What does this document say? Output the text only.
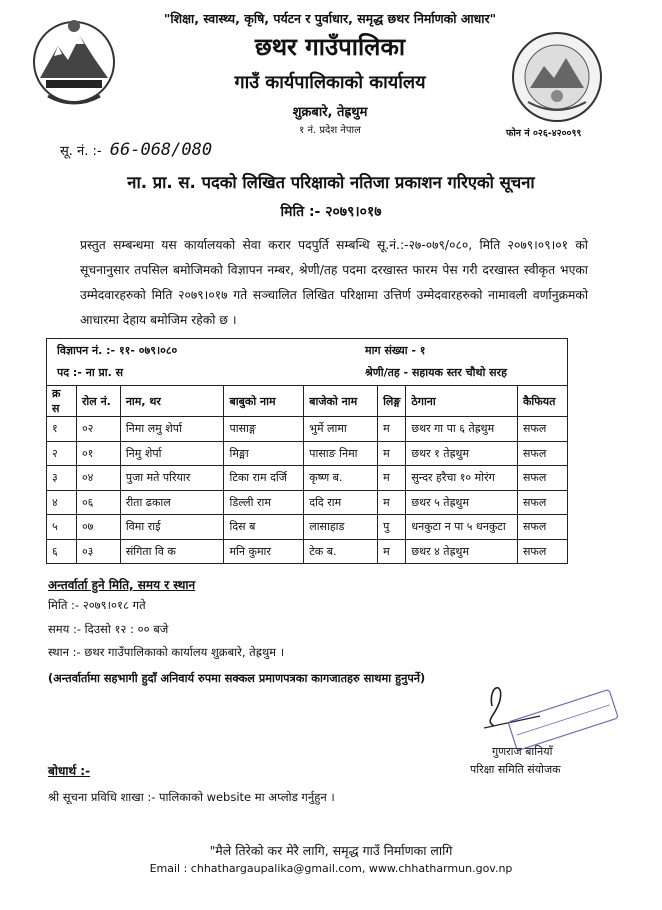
"शिक्षा, स्वास्थ्य, कृषि, पर्यटन र पुर्वाधार, समृद्ध छथर निर्माणको आधार"
छथर गाउँपालिका
गाउँ कार्यपालिकाको कार्यालय
शुक्रबारे, तेह्रथुम
१ नं. प्रदेश नेपाल	फोन नं ०२६-४२००९९
सू. नं. :- 66-068/080
ना. प्रा. स. पदको लिखित परिक्षाको नतिजा प्रकाशन गरिएको सूचना
मिति :- २०७९।०१७
प्रस्तुत सम्बन्धमा यस कार्यालयको सेवा करार पदपुर्ति सम्बन्धि सू.नं.:-२७-०७९/०८०, मिति २०७९।०९।०१ को सूचनानुसार तपसिल बमोजिमको विज्ञापन नम्बर, श्रेणी/तह पदमा दरखास्त फारम पेस गरी दरखास्त स्वीकृत भएका उम्मेदवारहरुको मिति २०७९।०१७ गते सञ्चालित लिखित परिक्षामा उत्तिर्ण उम्मेदवारहरुको नामावली वर्णानुक्रमको आधारमा देहाय बमोजिम रहेको छ ।
विज्ञापन नं. :- ११- ०७९।०८०	माग संख्या - १
पद :- ना प्रा. स	श्रेणी/तह - सहायक स्तर चौथो सरह
क्र स	रोल नं.	नाम, थर	बाबुको नाम	बाजेको नाम	लिङ्ग	ठेगाना	कैफियत
१	०२	निमा लमु शेर्पा	पासाङ्ग	भुर्मे लामा	म	छथर गा पा ६ तेह्रथुम	सफल
२	०१	निमु शेर्पा	मिङ्मा	पासाङ निमा	म	छथर १ तेह्रथुम	सफल
३	०४	पुजा मते परियार	टिका राम दर्जि	कृष्ण ब.	म	सुन्दर हरैचा १० मोरंग	सफल
४	०६	रीता ढकाल	डिल्ली राम	ददि राम	म	छथर ५ तेह्रथुम	सफल
५	०७	विमा राई	दिस ब	लासाहाड	पु	धनकुटा न पा ५ धनकुटा	सफल
६	०३	संगिता वि क	मनि कुमार	टेक ब.	म	छथर ४ तेह्रथुम	सफल
अन्तर्वार्ता हुने मिति, समय र स्थान
मिति :- २०७९।०१८ गते
समय :- दिउसो १२ : ०० बजे
स्थान :- छथर गाउँपालिकाको कार्यालय शुक्रबारे, तेह्रथुम ।
(अन्तर्वार्तामा सहभागी हुदाँ अनिवार्य रुपमा सक्कल प्रमाणपत्रका कागजातहरु साथमा हुनुपर्ने)
गुणराज बानियाँ
परिक्षा समिति संयोजक
बोधार्थ :-
श्री सूचना प्रविधि शाखा :- पालिकाको website मा अप्लोड गर्नुहुन ।
"मैले तिरेको कर मेरै लागि, समृद्ध गाउँ निर्माणका लागि
Email : chhathargaupalika@gmail.com, www.chhatharmun.gov.np
